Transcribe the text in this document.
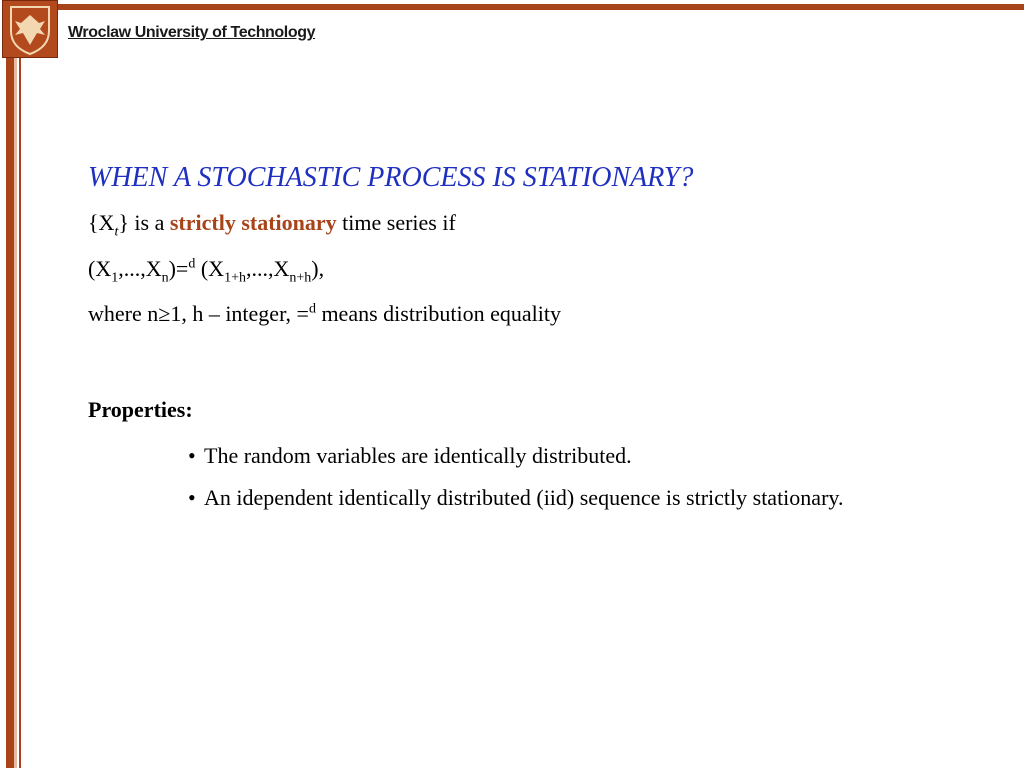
Wroclaw University of Technology
WHEN A STOCHASTIC PROCESS IS STATIONARY?
$\{X_t\}$ is a strictly stationary time series if
$(X_1,...,X_n)=^d$ $(X_{1+h},...,X_{n+h})$,
where n≥1, h – integer, =$^d$ means distribution equality
Properties:
• The random variables are identically distributed.
• An idependent identically distributed (iid) sequence is strictly stationary.
